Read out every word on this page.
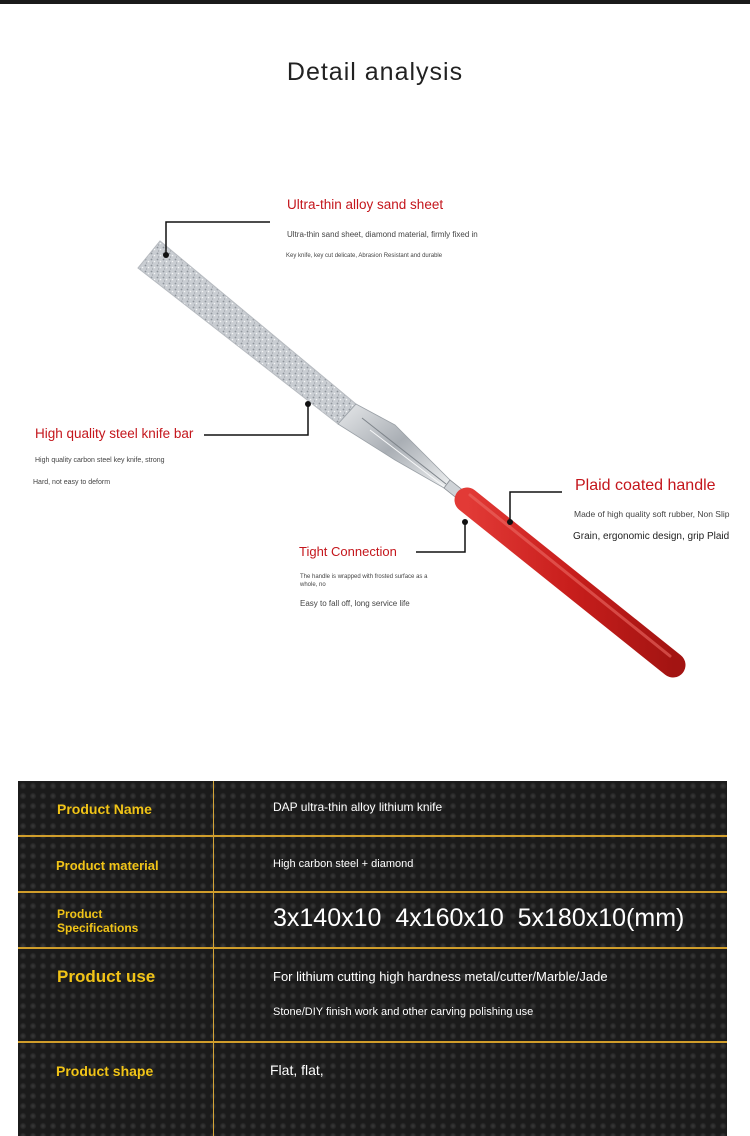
Detail analysis
Ultra-thin alloy sand sheet
Ultra-thin sand sheet, diamond material, firmly fixed in
Key knife, key cut delicate, Abrasion Resistant and durable
High quality steel knife bar
High quality carbon steel key knife, strong
Hard, not easy to deform	Plaid coated handle
Made of high quality soft rubber, Non Slip
Grain, ergonomic design, grip Plaid
Tight Connection
The handle is wrapped with frosted surface as a
whole, no
Easy to fall off, long service life
Product Name	DAP ultra-thin alloy lithium knife
Product material	High carbon steel + diamond
Product
Specifications	3x140x10  4x160x10  5x180x10(mm)
Product use	For lithium cutting high hardness metal/cutter/Marble/Jade
Stone/DIY finish work and other carving polishing use
Product shape	Flat, flat,
